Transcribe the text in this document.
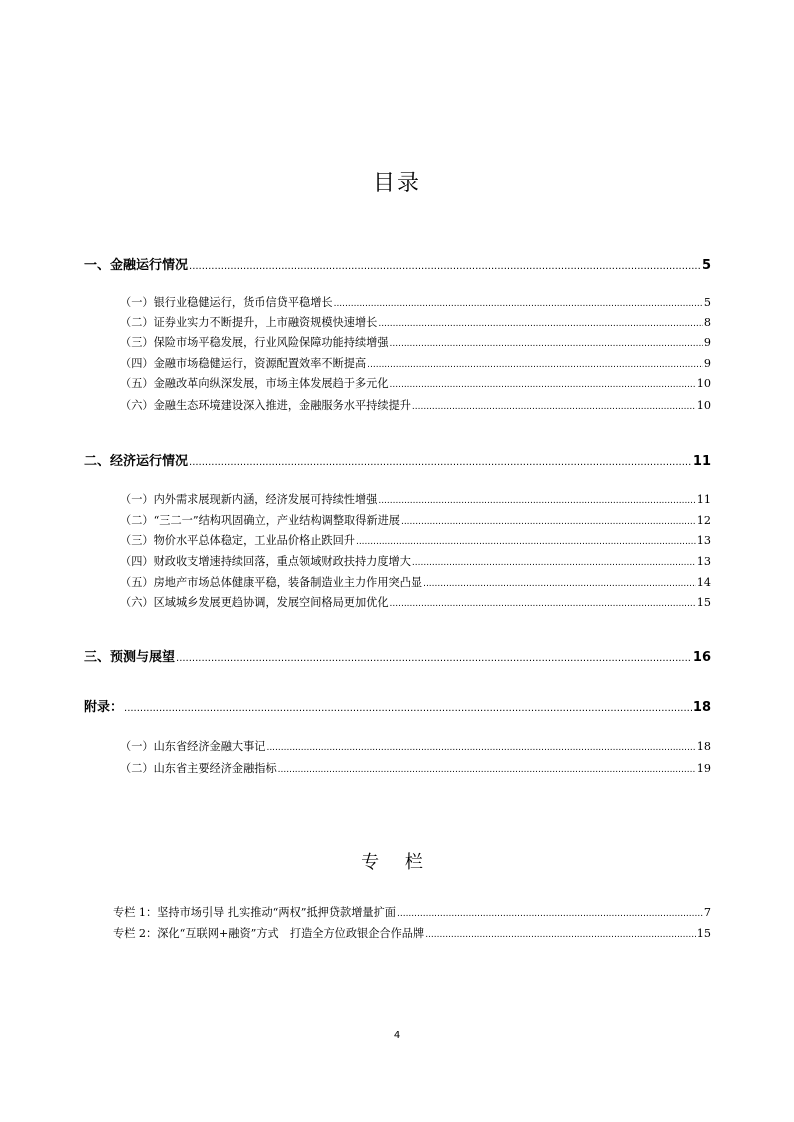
目录
一、金融运行情况 .....	5
（一）银行业稳健运行，货币信贷平稳增长 .....	5
（二）证券业实力不断提升，上市融资规模快速增长 .....	8
（三）保险市场平稳发展，行业风险保障功能持续增强 .....	9
（四）金融市场稳健运行，资源配置效率不断提高 .....	9
（五）金融改革向纵深发展，市场主体发展趋于多元化 .....	10
（六）金融生态环境建设深入推进，金融服务水平持续提升 .....	10
二、经济运行情况 .....	11
（一）内外需求展现新内涵，经济发展可持续性增强 .....	11
（二）“三二一”结构巩固确立，产业结构调整取得新进展 .....	12
（三）物价水平总体稳定，工业品价格止跌回升 .....	13
（四）财政收支增速持续回落，重点领域财政扶持力度增大 .....	13
（五）房地产市场总体健康平稳，装备制造业主力作用突凸显 .....	14
（六）区域城乡发展更趋协调，发展空间格局更加优化 .....	15
三、预测与展望 .....	16
附录： .....	18
（一）山东省经济金融大事记 .....	18
（二）山东省主要经济金融指标 .....	19
专 栏
专栏 1：坚持市场引导 扎实推动“两权”抵押贷款增量扩面 .....	7
专栏 2：深化“互联网+融资”方式　打造全方位政银企合作品牌 .....	15
4
